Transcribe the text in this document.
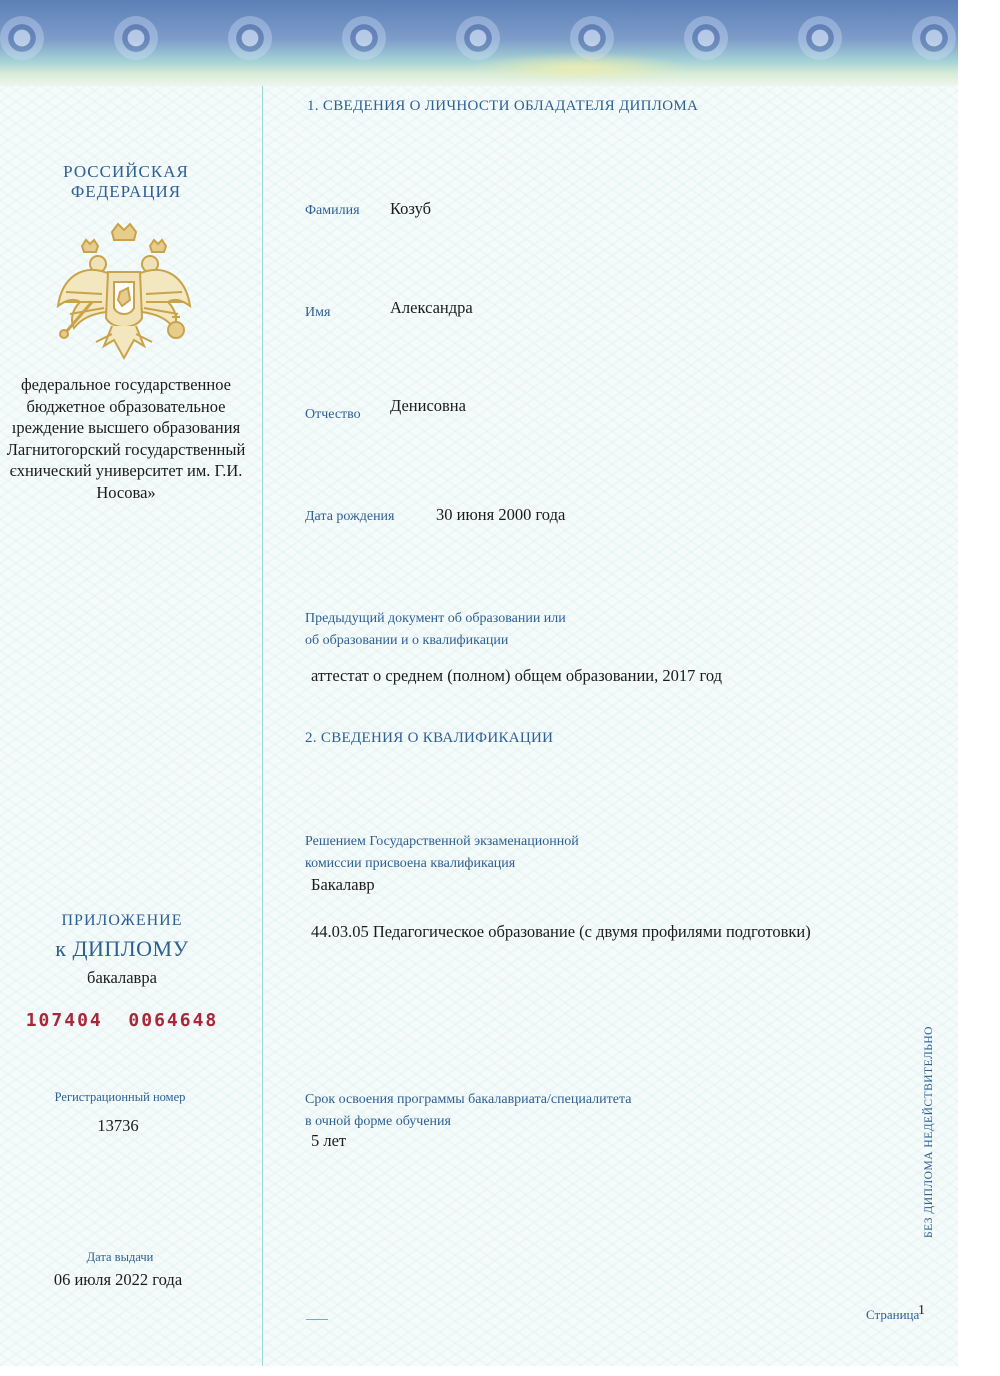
РОССИЙСКАЯ
ФЕДЕРАЦИЯ
федеральное государственное
бюджетное образовательное
ıреждение высшего образования
Лагнитогорский государственный
єхнический университет им. Г.И.
Носова»
ПРИЛОЖЕНИЕ
к ДИПЛОМУ
бакалавра
107404  0064648
Регистрационный номер
13736
Дата выдачи
06 июля 2022 года
1. СВЕДЕНИЯ О ЛИЧНОСТИ ОБЛАДАТЕЛЯ ДИПЛОМА
Фамилия Козуб
Имя	Александра
Отчество Денисовна
Дата рождения	30 июня 2000 года
Предыдущий документ об образовании или
об образовании и о квалификации
аттестат о среднем (полном) общем образовании, 2017 год
2. СВЕДЕНИЯ О КВАЛИФИКАЦИИ
Решением Государственной экзаменационной
комиссии присвоена квалификация
Бакалавр
44.03.05 Педагогическое образование (с двумя профилями подготовки)
Срок освоения программы бакалавриата/специалитета
в очной форме обучения
5 лет	БЕЗ ДИПЛОМА НЕДЕЙСТВИТЕЛЬНО
Страница
1
